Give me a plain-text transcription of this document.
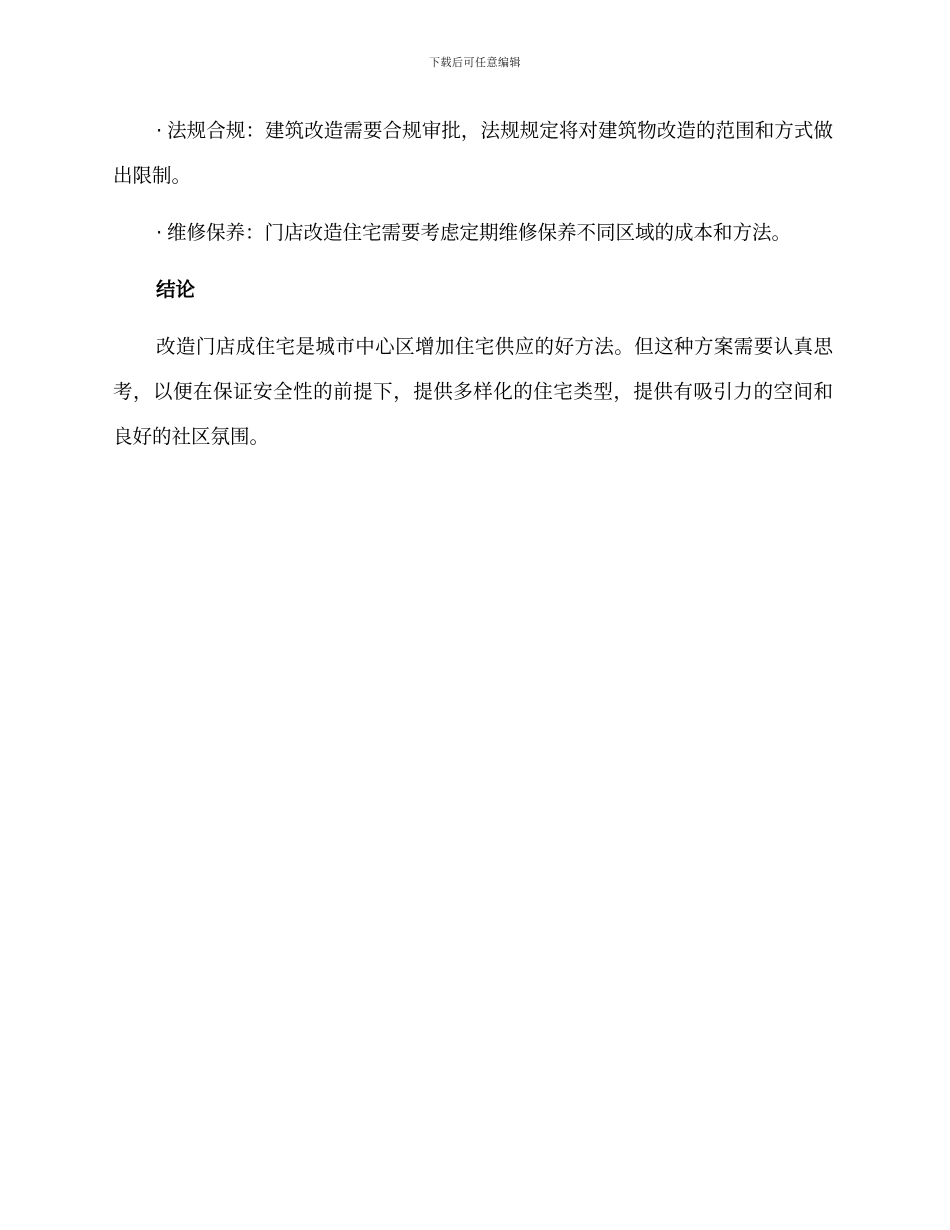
下载后可任意编辑

· 法规合规：建筑改造需要合规审批，法规规定将对建筑物改造的范围和方式做出限制。

· 维修保养：门店改造住宅需要考虑定期维修保养不同区域的成本和方法。

结论

改造门店成住宅是城市中心区增加住宅供应的好方法。但这种方案需要认真思考，以便在保证安全性的前提下，提供多样化的住宅类型，提供有吸引力的空间和良好的社区氛围。
